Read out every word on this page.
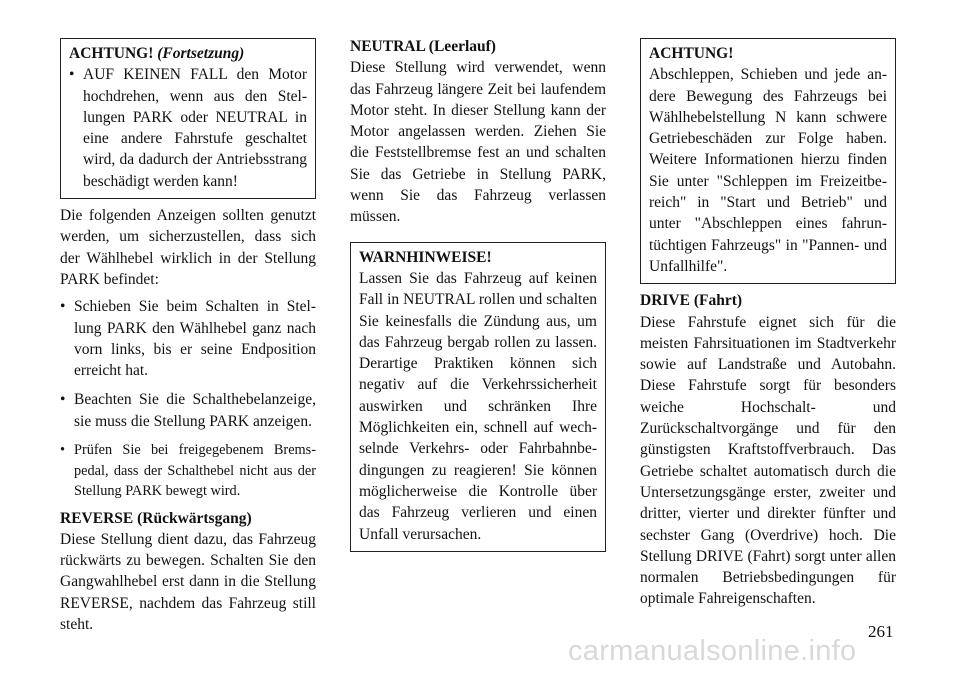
ACHTUNG! (Fortsetzung)

• AUF KEINEN FALL den Motor hochdrehen, wenn aus den Stellungen PARK oder NEUTRAL in eine andere Fahrstufe geschaltet wird, da dadurch der Antriebsstrang beschädigt werden kann!

Die folgenden Anzeigen sollten genutzt werden, um sicherzustellen, dass sich der Wählhebel wirklich in der Stellung PARK befindet:

• Schieben Sie beim Schalten in Stellung PARK den Wählhebel ganz nach vorn links, bis er seine Endposition erreicht hat.
• Beachten Sie die Schalthebelanzeige, sie muss die Stellung PARK anzeigen.
• Prüfen Sie bei freigegebenem Bremspedal, dass der Schalthebel nicht aus der Stellung PARK bewegt wird.

REVERSE (Rückwärtsgang)

Diese Stellung dient dazu, das Fahrzeug rückwärts zu bewegen. Schalten Sie den Gangwahlhebel erst dann in die Stellung REVERSE, nachdem das Fahrzeug still steht.

NEUTRAL (Leerlauf)

Diese Stellung wird verwendet, wenn das Fahrzeug längere Zeit bei laufendem Motor steht. In dieser Stellung kann der Motor angelassen werden. Ziehen Sie die Feststellbremse fest an und schalten Sie das Getriebe in Stellung PARK, wenn Sie das Fahrzeug verlassen müssen.

WARNHINWEISE!

Lassen Sie das Fahrzeug auf keinen Fall in NEUTRAL rollen und schalten Sie keinesfalls die Zündung aus, um das Fahrzeug bergab rollen zu lassen. Derartige Praktiken können sich negativ auf die Verkehrssicherheit auswirken und schränken Ihre Möglichkeiten ein, schnell auf wechselnde Verkehrs- oder Fahrbahnbedingungen zu reagieren! Sie können möglicherweise die Kontrolle über das Fahrzeug verlieren und einen Unfall verursachen.

ACHTUNG!

Abschleppen, Schieben und jede andere Bewegung des Fahrzeugs bei Wählhebelstellung N kann schwere Getriebeschäden zur Folge haben. Weitere Informationen hierzu finden Sie unter "Schleppen im Freizeitbereich" in "Start und Betrieb" und unter "Abschleppen eines fahruntüchtigen Fahrzeugs" in "Pannen- und Unfallhilfe".

DRIVE (Fahrt)

Diese Fahrstufe eignet sich für die meisten Fahrsituationen im Stadtverkehr sowie auf Landstraße und Autobahn. Diese Fahrstufe sorgt für besonders weiche Hochschalt- und Zurückschaltvorgänge und für den günstigsten Kraftstoffverbrauch. Das Getriebe schaltet automatisch durch die Untersetzungsgänge erster, zweiter und dritter, vierter und direkter fünfter und sechster Gang (Overdrive) hoch. Die Stellung DRIVE (Fahrt) sorgt unter allen normalen Betriebsbedingungen für optimale Fahreigenschaften.

261
carmanualsonline.info
